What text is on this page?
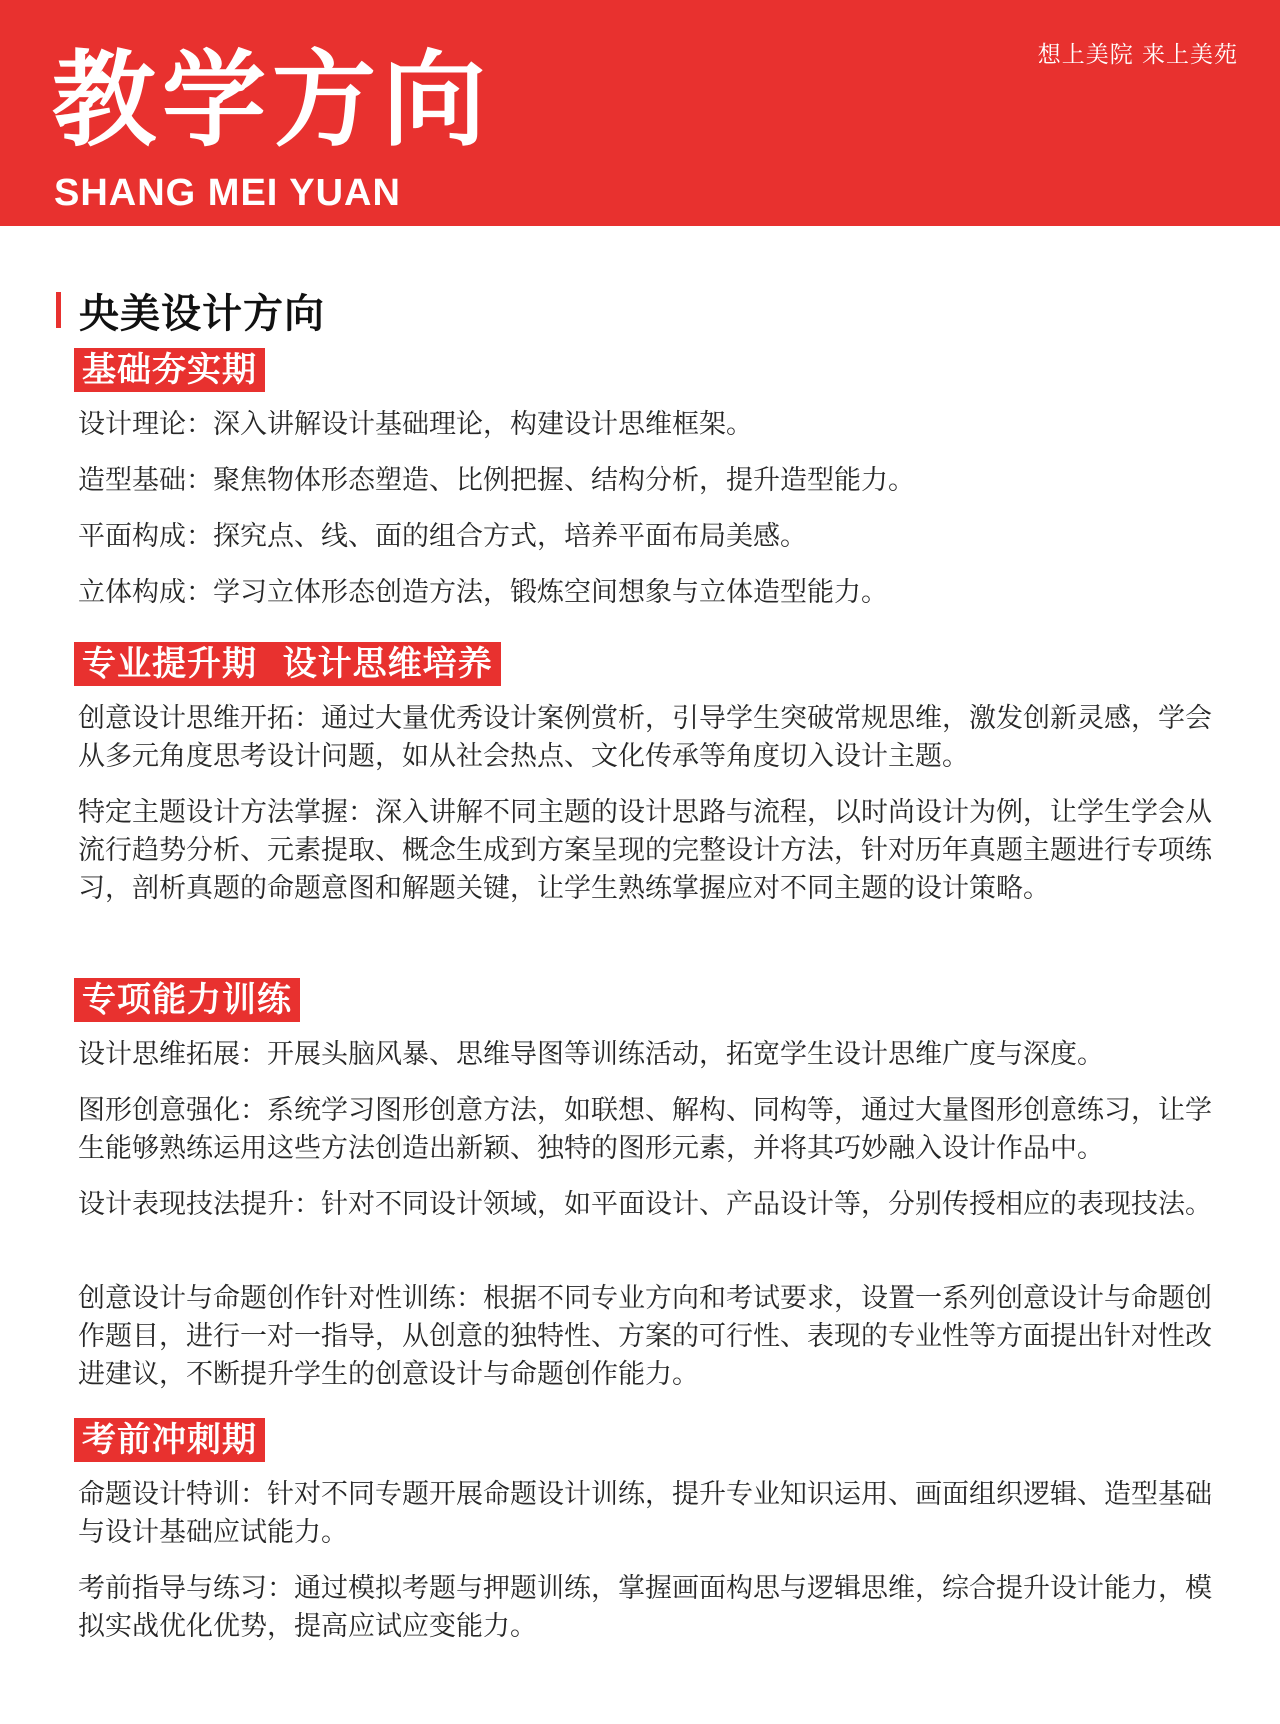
想上美院 来上美苑
教学方向
SHANG MEI YUAN
央美设计方向
基础夯实期
设计理论：深入讲解设计基础理论，构建设计思维框架。
造型基础：聚焦物体形态塑造、比例把握、结构分析，提升造型能力。
平面构成：探究点、线、面的组合方式，培养平面布局美感。
立体构成：学习立体形态创造方法，锻炼空间想象与立体造型能力。
专业提升期  设计思维培养
创意设计思维开拓：通过大量优秀设计案例赏析，引导学生突破常规思维，激发创新灵感，学会从多元角度思考设计问题，如从社会热点、文化传承等角度切入设计主题。
特定主题设计方法掌握：深入讲解不同主题的设计思路与流程，以时尚设计为例，让学生学会从流行趋势分析、元素提取、概念生成到方案呈现的完整设计方法，针对历年真题主题进行专项练习，剖析真题的命题意图和解题关键，让学生熟练掌握应对不同主题的设计策略。
专项能力训练
设计思维拓展：开展头脑风暴、思维导图等训练活动，拓宽学生设计思维广度与深度。
图形创意强化：系统学习图形创意方法，如联想、解构、同构等，通过大量图形创意练习，让学生能够熟练运用这些方法创造出新颖、独特的图形元素，并将其巧妙融入设计作品中。
设计表现技法提升：针对不同设计领域，如平面设计、产品设计等，分别传授相应的表现技法。
创意设计与命题创作针对性训练：根据不同专业方向和考试要求，设置一系列创意设计与命题创作题目，进行一对一指导，从创意的独特性、方案的可行性、表现的专业性等方面提出针对性改进建议，不断提升学生的创意设计与命题创作能力。
考前冲刺期
命题设计特训：针对不同专题开展命题设计训练，提升专业知识运用、画面组织逻辑、造型基础与设计基础应试能力。
考前指导与练习：通过模拟考题与押题训练，掌握画面构思与逻辑思维，综合提升设计能力，模拟实战优化优势，提高应试应变能力。
